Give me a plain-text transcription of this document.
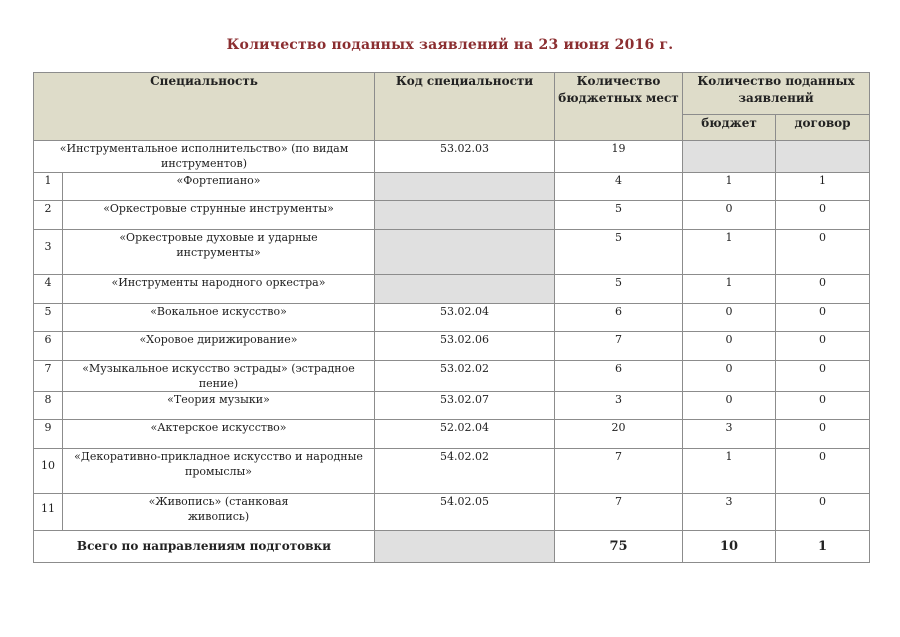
Количество поданных заявлений на 23 июня 2016 г.
Специальность		Код специальности	Количество бюджетных мест	Количество поданных заявлений	
				бюджет	договор
«Инструментальное исполнительство» (по видам инструментов)		53.02.03	19		
1	«Фортепиано»		4	1	1
2	«Оркестровые струнные инструменты»		5	0	0
3	«Оркестровые духовые и ударные инструменты»		5	1	0
4	«Инструменты народного оркестра»		5	1	0
5	«Вокальное искусство»	53.02.04	6	0	0
6	«Хоровое дирижирование»	53.02.06	7	0	0
7	«Музыкальное искусство эстрады» (эстрадное пение)	53.02.02	6	0	0
8	«Теория музыки»	53.02.07	3	0	0
9	«Актерское искусство»	52.02.04	20	3	0
10	«Декоративно-прикладное искусство и народные промыслы»	54.02.02	7	1	0
11	«Живопись» (станковая живопись)	54.02.05	7	3	0
Всего по направлениям подготовки			75	10	1
